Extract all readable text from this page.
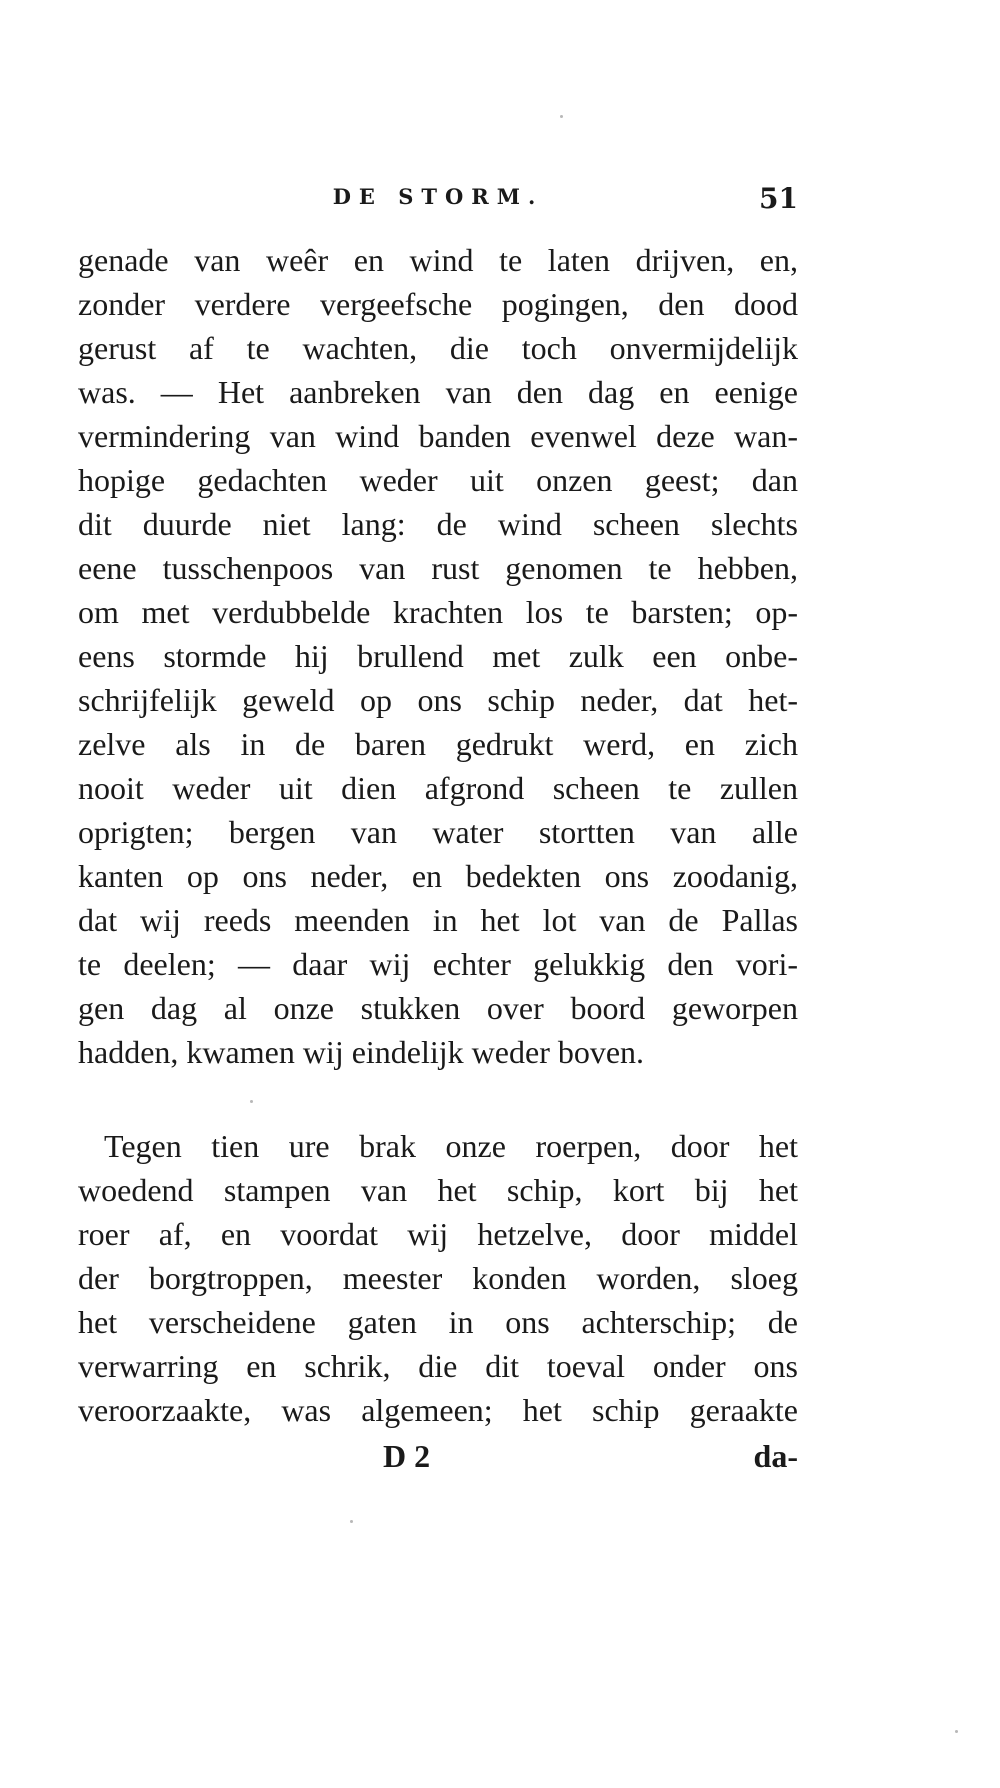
DE STORM.	51
genade van weêr en wind te laten drijven, en,
zonder verdere vergeefsche pogingen, den dood
gerust af te wachten, die toch onvermijdelijk
was. — Het aanbreken van den dag en eenige
vermindering van wind banden evenwel deze wan-
hopige gedachten weder uit onzen geest; dan
dit duurde niet lang: de wind scheen slechts
eene tusschenpoos van rust genomen te hebben,
om met verdubbelde krachten los te barsten; op-
eens stormde hij brullend met zulk een onbe-
schrijfelijk geweld op ons schip neder, dat het-
zelve als in de baren gedrukt werd, en zich
nooit weder uit dien afgrond scheen te zullen
oprigten; bergen van water stortten van alle
kanten op ons neder, en bedekten ons zoodanig,
dat wij reeds meenden in het lot van de Pallas
te deelen; — daar wij echter gelukkig den vori-
gen dag al onze stukken over boord geworpen
hadden, kwamen wij eindelijk weder boven.
Tegen tien ure brak onze roerpen, door het
woedend stampen van het schip, kort bij het
roer af, en voordat wij hetzelve, door middel
der borgtroppen, meester konden worden, sloeg
het verscheidene gaten in ons achterschip; de
verwarring en schrik, die dit toeval onder ons
veroorzaakte, was algemeen; het schip geraakte
D 2	da-
